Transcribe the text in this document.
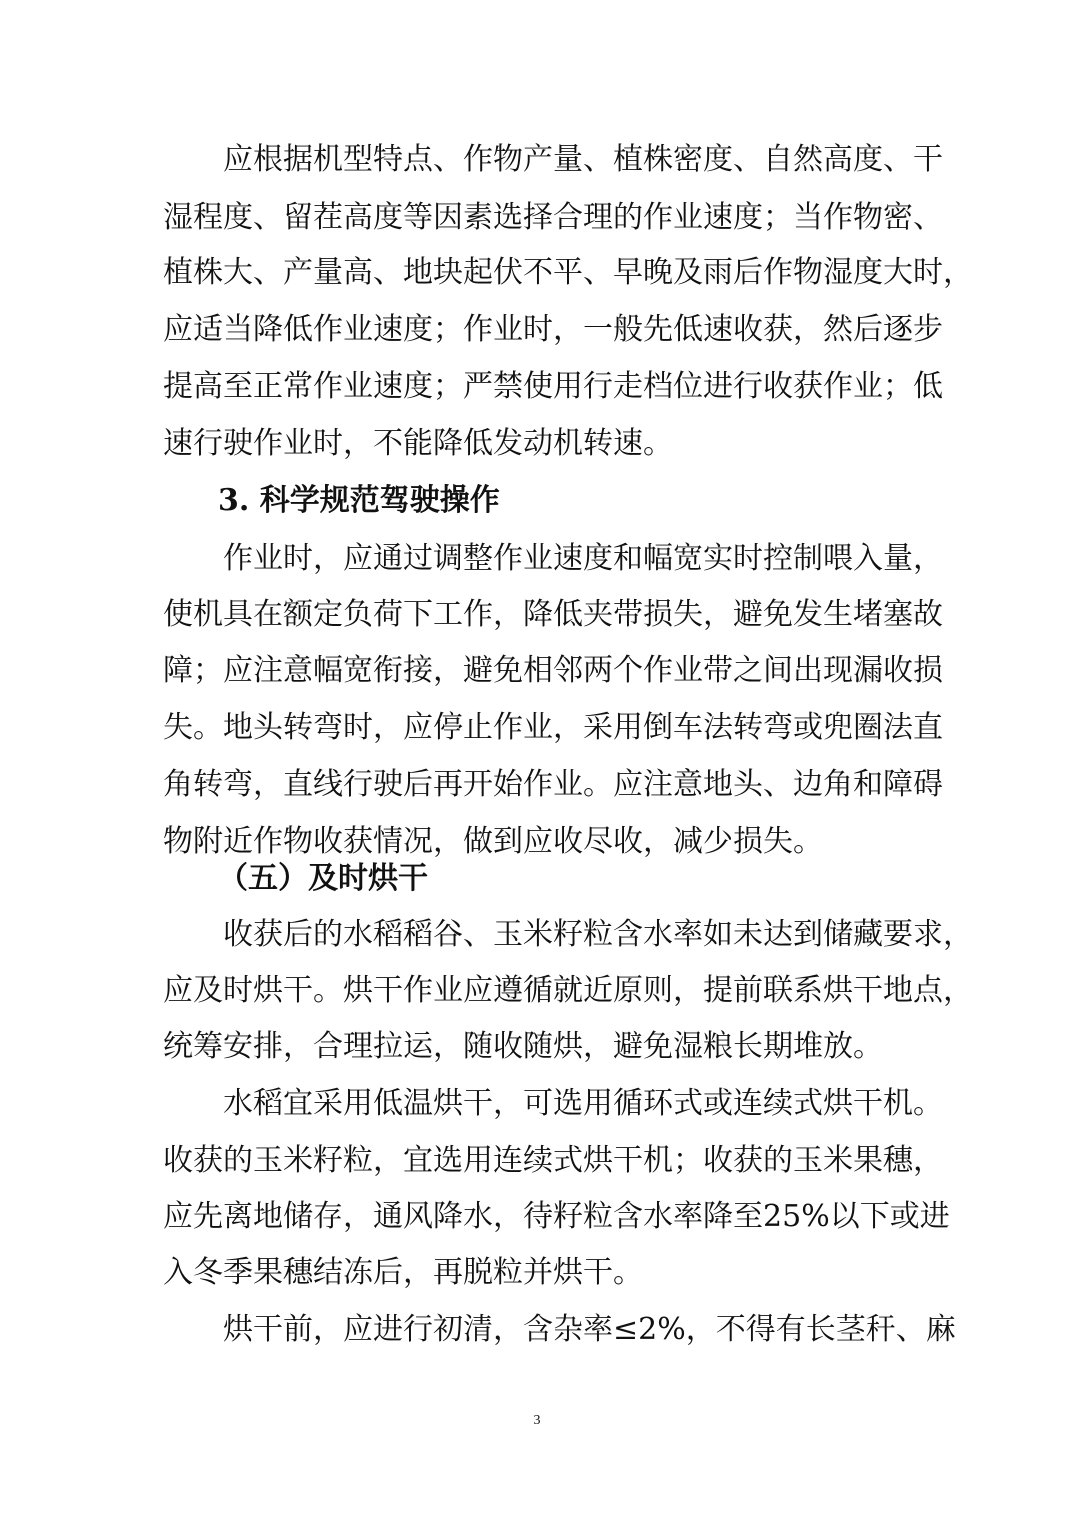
应 根 据 机 型 特 点 、 作 物 产 量 、 植 株 密 度 、 自 然 高 度 、 干
湿 程 度 、 留 茬 高 度 等 因 素 选 择 合 理 的 作 业 速 度 ； 当 作 物 密 、
植 株 大 、 产 量 高 、 地 块 起 伏 不 平 、 早 晚 及 雨 后 作 物 湿 度 大 时 ，
应 适 当 降 低 作 业 速 度 ； 作 业 时 ， 一 般 先 低 速 收 获 ， 然 后 逐 步
提 高 至 正 常 作 业 速 度 ； 严 禁 使 用 行 走 档 位 进 行 收 获 作 业 ； 低
速行驶作业时，不能降低发动机转速。
3. 科学规范驾驶操作
作 业 时 ， 应 通 过 调 整 作 业 速 度 和 幅 宽 实 时 控 制 喂 入 量 ，
使 机 具 在 额 定 负 荷 下 工 作 ， 降 低 夹 带 损 失 ， 避 免 发 生 堵 塞 故
障 ； 应 注 意 幅 宽 衔 接 ， 避 免 相 邻 两 个 作 业 带 之 间 出 现 漏 收 损
失 。 地 头 转 弯 时 ， 应 停 止 作 业 ， 采 用 倒 车 法 转 弯 或 兜 圈 法 直
角 转 弯 ， 直 线 行 驶 后 再 开 始 作 业 。 应 注 意 地 头 、 边 角 和 障 碍
物附近作物收获情况，做到应收尽收，减少损失。
（五）及时烘干
收 获 后 的 水 稻 稻 谷 、 玉 米 籽 粒 含 水 率 如 未 达 到 储 藏 要 求 ，
应 及 时 烘 干 。 烘 干 作 业 应 遵 循 就 近 原 则 ， 提 前 联 系 烘 干 地 点 ，
统筹安排，合理拉运，随收随烘，避免湿粮长期堆放。
水 稻 宜 采 用 低 温 烘 干 ， 可 选 用 循 环 式 或 连 续 式 烘 干 机 。
收 获 的 玉 米 籽 粒 ， 宜 选 用 连 续 式 烘 干 机 ； 收 获 的 玉 米 果 穗 ，
应 先 离 地 储 存 ， 通 风 降 水 ， 待 籽 粒 含 水 率 降 至 2 5 % 以 下 或 进
入冬季果穗结冻后，再脱粒并烘干。
烘 干 前 ， 应 进 行 初 清 ， 含 杂 率 ≤ 2 % ， 不 得 有 长 茎 秆 、 麻
3
